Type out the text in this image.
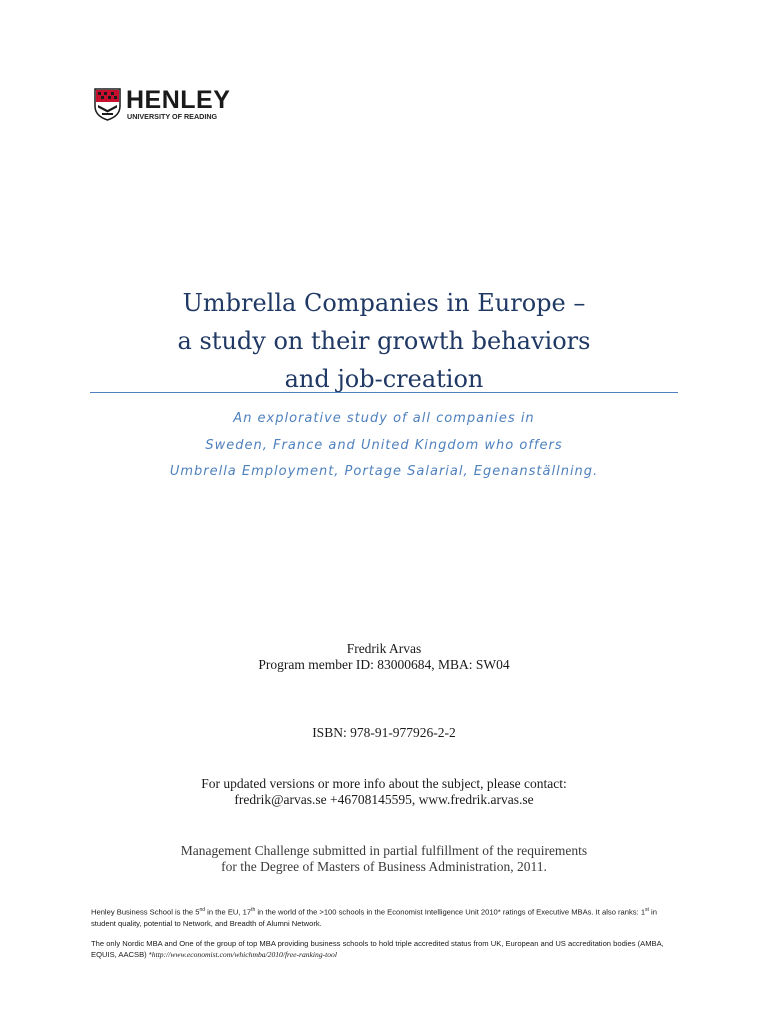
HENLEY
UNIVERSITY OF READING
Umbrella Companies in Europe –
a study on their growth behaviors
and job-creation
An explorative study of all companies in
Sweden, France and United Kingdom who offers
Umbrella Employment, Portage Salarial, Egenanställning.
Fredrik Arvas
Program member ID: 83000684, MBA: SW04
ISBN: 978-91-977926-2-2
For updated versions or more info about the subject, please contact:
fredrik@arvas.se +46708145595, www.fredrik.arvas.se
Management Challenge submitted in partial fulfillment of the requirements
for the Degree of Masters of Business Administration, 2011.
Henley Business School is the 5nd in the EU, 17th in the world of the >100 schools in the Economist Intelligence Unit 2010* ratings of Executive MBAs. It also ranks: 1st in student quality, potential to Network, and Breadth of Alumni Network.
The only Nordic MBA and One of the group of top MBA providing business schools to hold triple accredited status from UK, European and US accreditation bodies (AMBA, EQUIS, AACSB) *http://www.economist.com/whichmba/2010/free-ranking-tool
